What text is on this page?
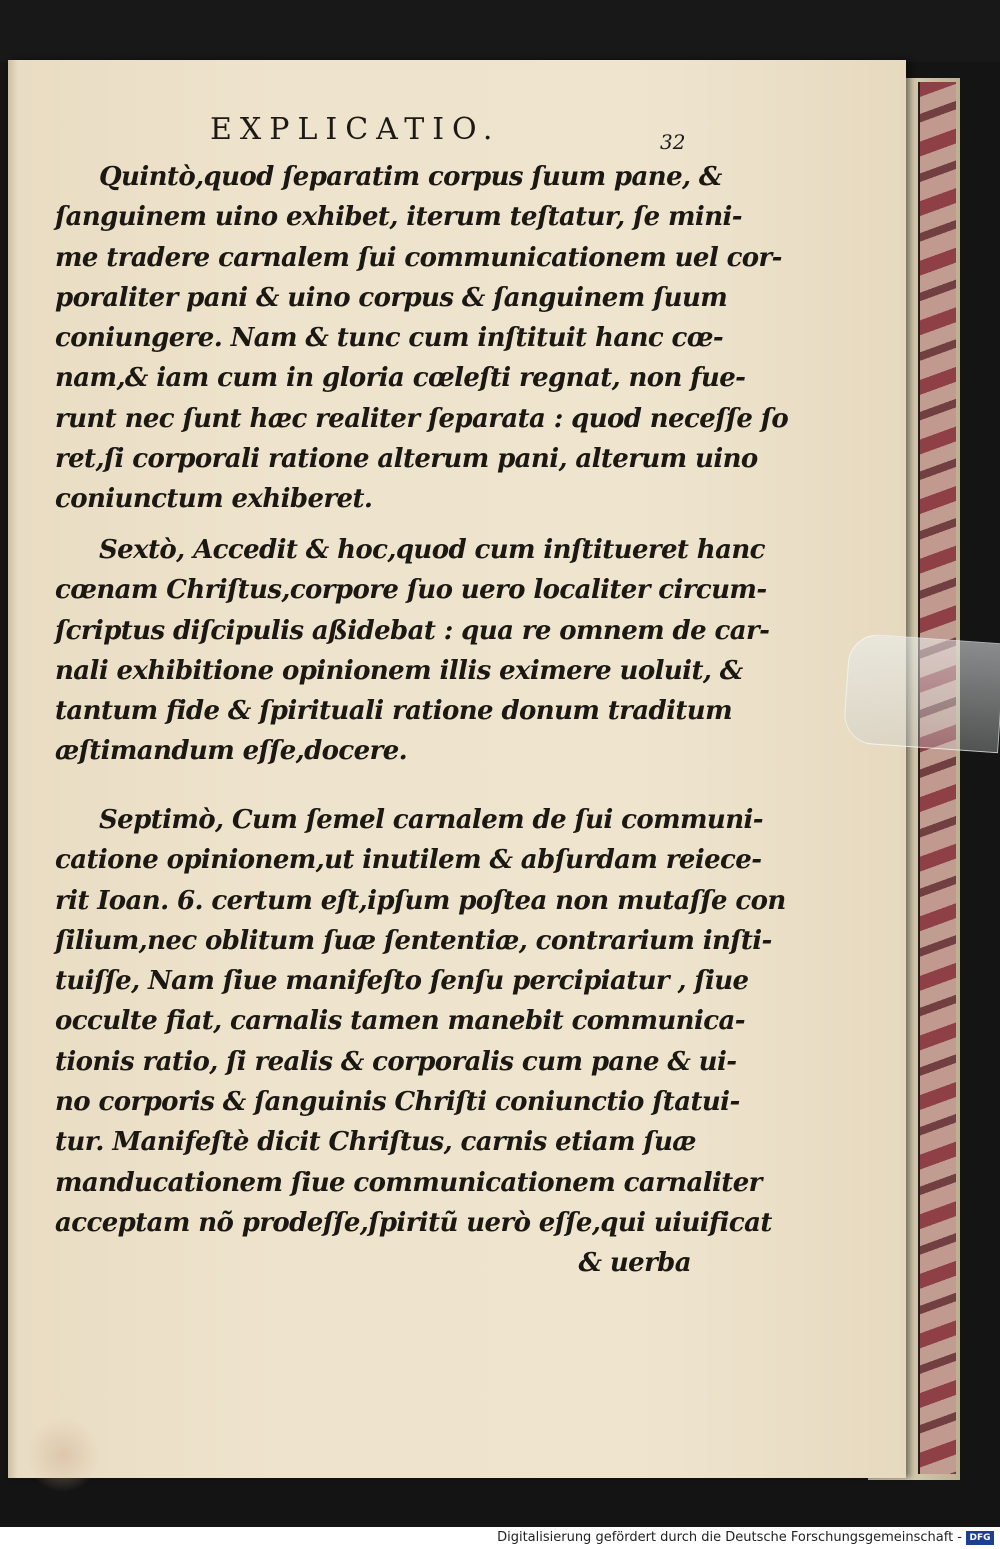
EXPLICATIO.	32
Quintò,quod ſeparatim corpus ſuum pane, &
ſanguinem uino exhibet, iterum teſtatur, ſe mini-
me tradere carnalem ſui communicationem uel cor-
poraliter pani & uino corpus & ſanguinem ſuum
coniungere. Nam & tunc cum inſtituit hanc cœ-
nam,& iam cum in gloria cœleſti regnat, non fue-
runt nec ſunt hæc realiter ſeparata : quod neceſſe ſo
ret,ſi corporali ratione alterum pani, alterum uino
coniunctum exhiberet.
Sextò, Accedit & hoc,quod cum inſtitueret hanc
cœnam Chriſtus,corpore ſuo uero localiter circum-
ſcriptus diſcipulis aßidebat : qua re omnem de car-
nali exhibitione opinionem illis eximere uoluit, &
tantum fide & ſpirituali ratione donum traditum
æſtimandum eſſe,docere.
Septimò, Cum ſemel carnalem de ſui communi-
catione opinionem,ut inutilem & abſurdam reiece-
rit Ioan. 6. certum eſt,ipſum poſtea non mutaſſe con
ſilium,nec oblitum ſuæ ſententiæ, contrarium inſti-
tuiſſe, Nam ſiue manifeſto ſenſu percipiatur , ſiue
occulte fiat, carnalis tamen manebit communica-
tionis ratio, ſi realis & corporalis cum pane & ui-
no corporis & ſanguinis Chriſti coniunctio ſtatui-
tur. Manifeſtè dicit Chriſtus, carnis etiam ſuæ
manducationem ſiue communicationem carnaliter
acceptam nõ prodeſſe,ſpiritũ uerò eſſe,qui uiuificat
& uerba
Digitalisierung gefördert durch die Deutsche Forschungsgemeinschaft - DFG
